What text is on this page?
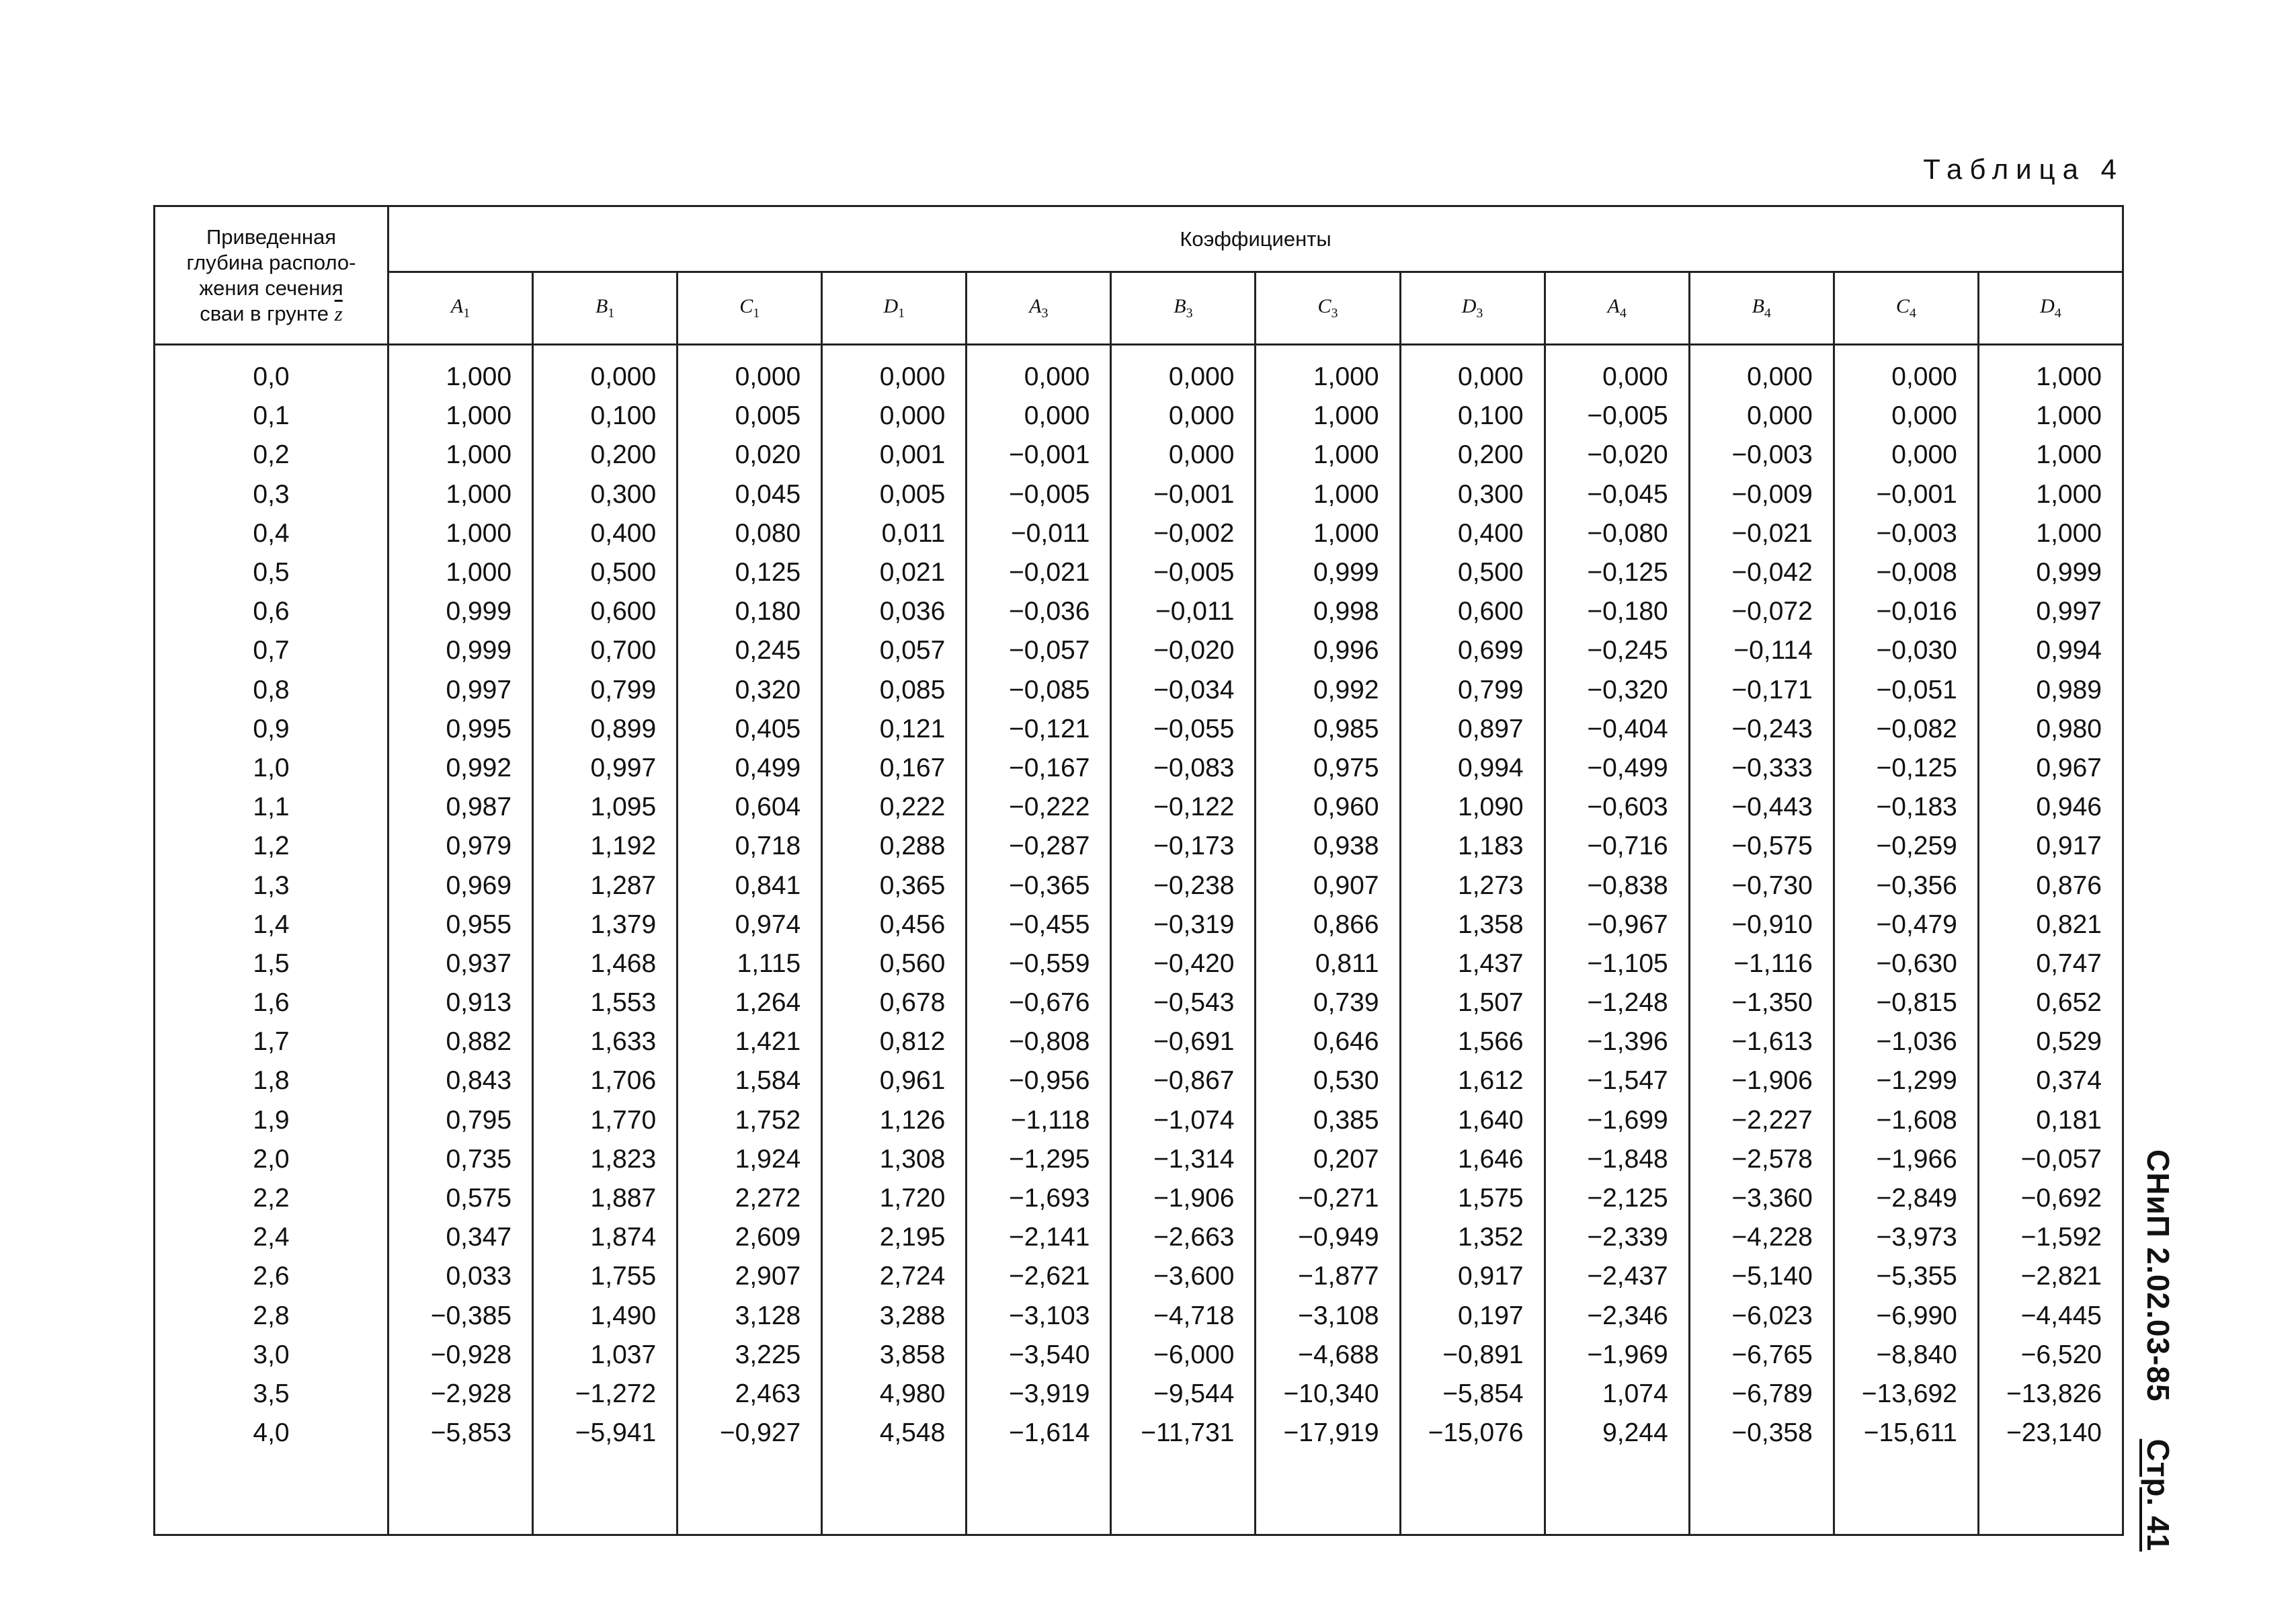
Таблица 4
СНиП 2.02.03-85    Стр. 41
Приведенная
глубина располо-
жения сечения
сваи в грунте $\overline{z}$	Коэффициенты											
	$A_1$	$B_1$	$C_1$	$D_1$	$A_3$	$B_3$	$C_3$	$D_3$	$A_4$	$B_4$	$C_4$	$D_4$
0,0	1,000	0,000	0,000	0,000	0,000	0,000	1,000	0,000	0,000	0,000	0,000	1,000
0,1	1,000	0,100	0,005	0,000	0,000	0,000	1,000	0,100	−0,005	0,000	0,000	1,000
0,2	1,000	0,200	0,020	0,001	−0,001	0,000	1,000	0,200	−0,020	−0,003	0,000	1,000
0,3	1,000	0,300	0,045	0,005	−0,005	−0,001	1,000	0,300	−0,045	−0,009	−0,001	1,000
0,4	1,000	0,400	0,080	0,011	−0,011	−0,002	1,000	0,400	−0,080	−0,021	−0,003	1,000
0,5	1,000	0,500	0,125	0,021	−0,021	−0,005	0,999	0,500	−0,125	−0,042	−0,008	0,999
0,6	0,999	0,600	0,180	0,036	−0,036	−0,011	0,998	0,600	−0,180	−0,072	−0,016	0,997
0,7	0,999	0,700	0,245	0,057	−0,057	−0,020	0,996	0,699	−0,245	−0,114	−0,030	0,994
0,8	0,997	0,799	0,320	0,085	−0,085	−0,034	0,992	0,799	−0,320	−0,171	−0,051	0,989
0,9	0,995	0,899	0,405	0,121	−0,121	−0,055	0,985	0,897	−0,404	−0,243	−0,082	0,980
1,0	0,992	0,997	0,499	0,167	−0,167	−0,083	0,975	0,994	−0,499	−0,333	−0,125	0,967
1,1	0,987	1,095	0,604	0,222	−0,222	−0,122	0,960	1,090	−0,603	−0,443	−0,183	0,946
1,2	0,979	1,192	0,718	0,288	−0,287	−0,173	0,938	1,183	−0,716	−0,575	−0,259	0,917
1,3	0,969	1,287	0,841	0,365	−0,365	−0,238	0,907	1,273	−0,838	−0,730	−0,356	0,876
1,4	0,955	1,379	0,974	0,456	−0,455	−0,319	0,866	1,358	−0,967	−0,910	−0,479	0,821
1,5	0,937	1,468	1,115	0,560	−0,559	−0,420	0,811	1,437	−1,105	−1,116	−0,630	0,747
1,6	0,913	1,553	1,264	0,678	−0,676	−0,543	0,739	1,507	−1,248	−1,350	−0,815	0,652
1,7	0,882	1,633	1,421	0,812	−0,808	−0,691	0,646	1,566	−1,396	−1,613	−1,036	0,529
1,8	0,843	1,706	1,584	0,961	−0,956	−0,867	0,530	1,612	−1,547	−1,906	−1,299	0,374
1,9	0,795	1,770	1,752	1,126	−1,118	−1,074	0,385	1,640	−1,699	−2,227	−1,608	0,181
2,0	0,735	1,823	1,924	1,308	−1,295	−1,314	0,207	1,646	−1,848	−2,578	−1,966	−0,057
2,2	0,575	1,887	2,272	1,720	−1,693	−1,906	−0,271	1,575	−2,125	−3,360	−2,849	−0,692
2,4	0,347	1,874	2,609	2,195	−2,141	−2,663	−0,949	1,352	−2,339	−4,228	−3,973	−1,592
2,6	0,033	1,755	2,907	2,724	−2,621	−3,600	−1,877	0,917	−2,437	−5,140	−5,355	−2,821
2,8	−0,385	1,490	3,128	3,288	−3,103	−4,718	−3,108	0,197	−2,346	−6,023	−6,990	−4,445
3,0	−0,928	1,037	3,225	3,858	−3,540	−6,000	−4,688	−0,891	−1,969	−6,765	−8,840	−6,520
3,5	−2,928	−1,272	2,463	4,980	−3,919	−9,544	−10,340	−5,854	1,074	−6,789	−13,692	−13,826
4,0	−5,853	−5,941	−0,927	4,548	−1,614	−11,731	−17,919	−15,076	9,244	−0,358	−15,611	−23,140
